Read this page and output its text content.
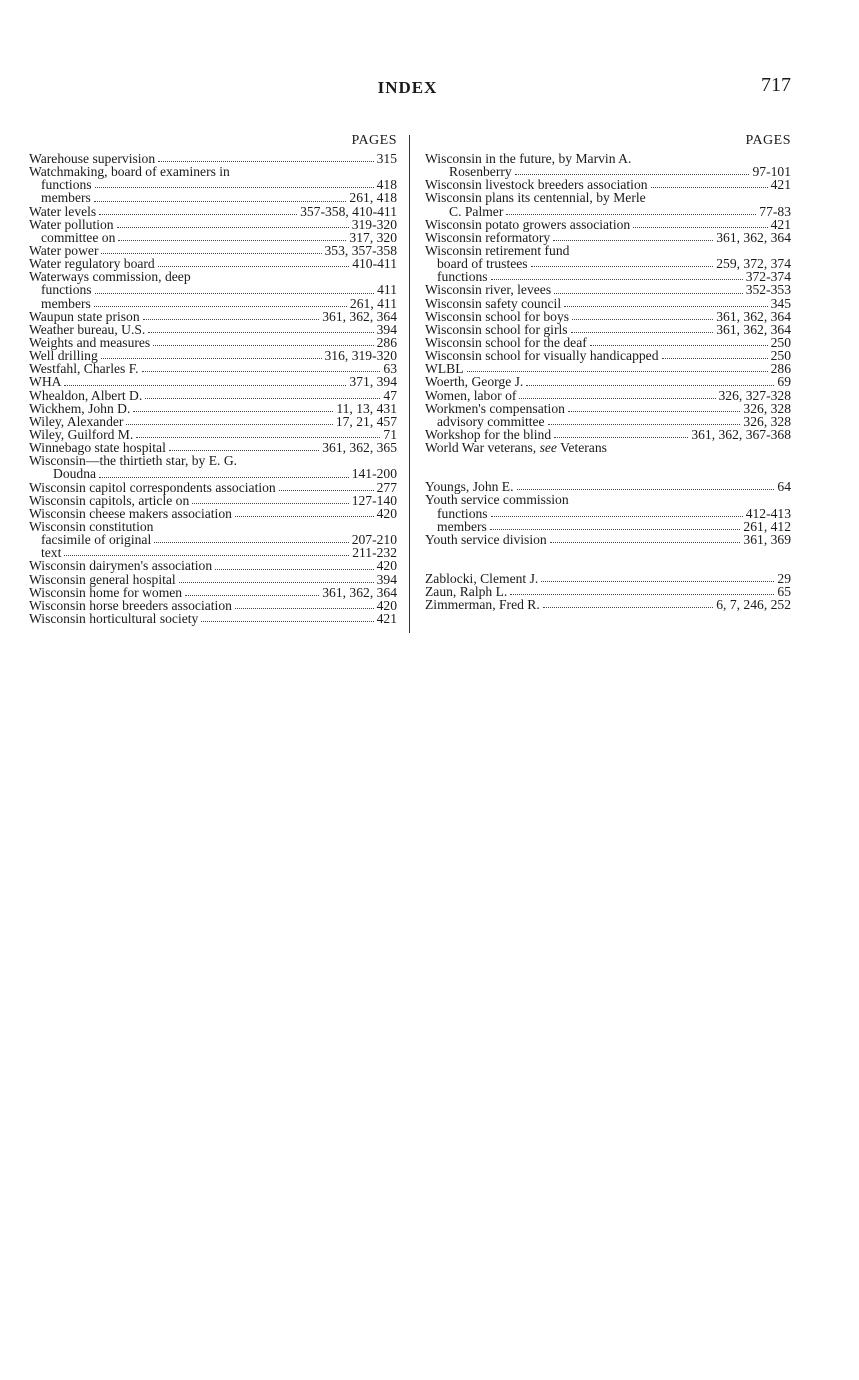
INDEX	717
PAGES
Warehouse supervision	315
Watchmaking, board of examiners in
functions	418
members	261, 418
Water levels	357-358, 410-411
Water pollution	319-320
committee on	317, 320
Water power	353, 357-358
Water regulatory board	410-411
Waterways commission, deep
functions	411
members	261, 411
Waupun state prison	361, 362, 364
Weather bureau, U.S.	394
Weights and measures	286
Well drilling	316, 319-320
Westfahl, Charles F.	63
WHA	371, 394
Whealdon, Albert D.	47
Wickhem, John D.	11, 13, 431
Wiley, Alexander	17, 21, 457
Wiley, Guilford M.	71
Winnebago state hospital	361, 362, 365
Wisconsin—the thirtieth star, by E. G.
Doudna	141-200
Wisconsin capitol correspondents association	277
Wisconsin capitols, article on	127-140
Wisconsin cheese makers association	420
Wisconsin constitution
facsimile of original	207-210
text	211-232
Wisconsin dairymen's association	420
Wisconsin general hospital	394
Wisconsin home for women	361, 362, 364
Wisconsin horse breeders association	420
Wisconsin horticultural society	421
PAGES
Wisconsin in the future, by Marvin A.
Rosenberry	97-101
Wisconsin livestock breeders association	421
Wisconsin plans its centennial, by Merle
C. Palmer	77-83
Wisconsin potato growers association	421
Wisconsin reformatory	361, 362, 364
Wisconsin retirement fund
board of trustees	259, 372, 374
functions	372-374
Wisconsin river, levees	352-353
Wisconsin safety council	345
Wisconsin school for boys	361, 362, 364
Wisconsin school for girls	361, 362, 364
Wisconsin school for the deaf	250
Wisconsin school for visually handicapped	250
WLBL	286
Woerth, George J.	69
Women, labor of	326, 327-328
Workmen's compensation	326, 328
advisory committee	326, 328
Workshop for the blind	361, 362, 367-368
World War veterans, see Veterans
Youngs, John E.	64
Youth service commission
functions	412-413
members	261, 412
Youth service division	361, 369
Zablocki, Clement J.	29
Zaun, Ralph L.	65
Zimmerman, Fred R.	6, 7, 246, 252
